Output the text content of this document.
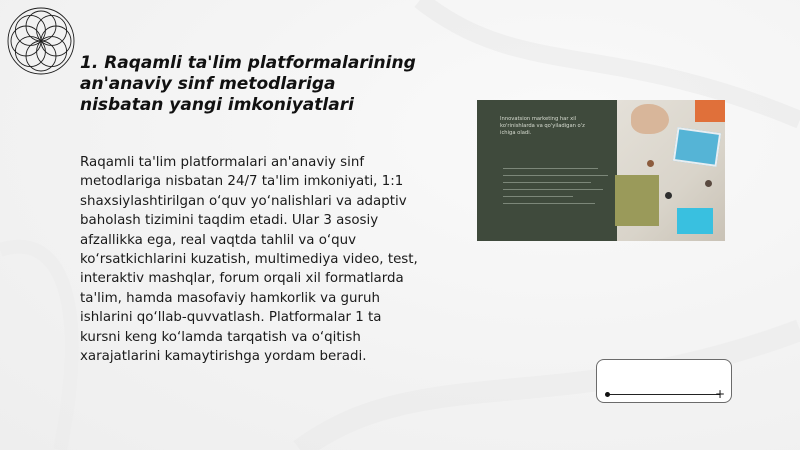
1. Raqamli ta'lim platformalarining an'anaviy sinf metodlariga nisbatan yangi imkoniyatlari

Raqamli ta'lim platformalari an'anaviy sinf metodlariga nisbatan 24/7 ta'lim imkoniyati, 1:1 shaxsiylashtirilgan o‘quv yo‘nalishlari va adaptiv baholash tizimini taqdim etadi. Ular 3 asosiy afzallikka ega, real vaqtda tahlil va o‘quv ko‘rsatkichlarini kuzatish, multimediya video, test, interaktiv mashqlar, forum orqali xil formatlarda ta'lim, hamda masofaviy hamkorlik va guruh ishlarini qo‘llab-quvvatlash. Platformalar 1 ta kursni keng ko‘lamda tarqatish va o‘qitish xarajatlarini kamaytirishga yordam beradi.

Innovatsion marketing har xil ko'rinishlarda va qo'yiladigan o'z ichiga oladi.
+
